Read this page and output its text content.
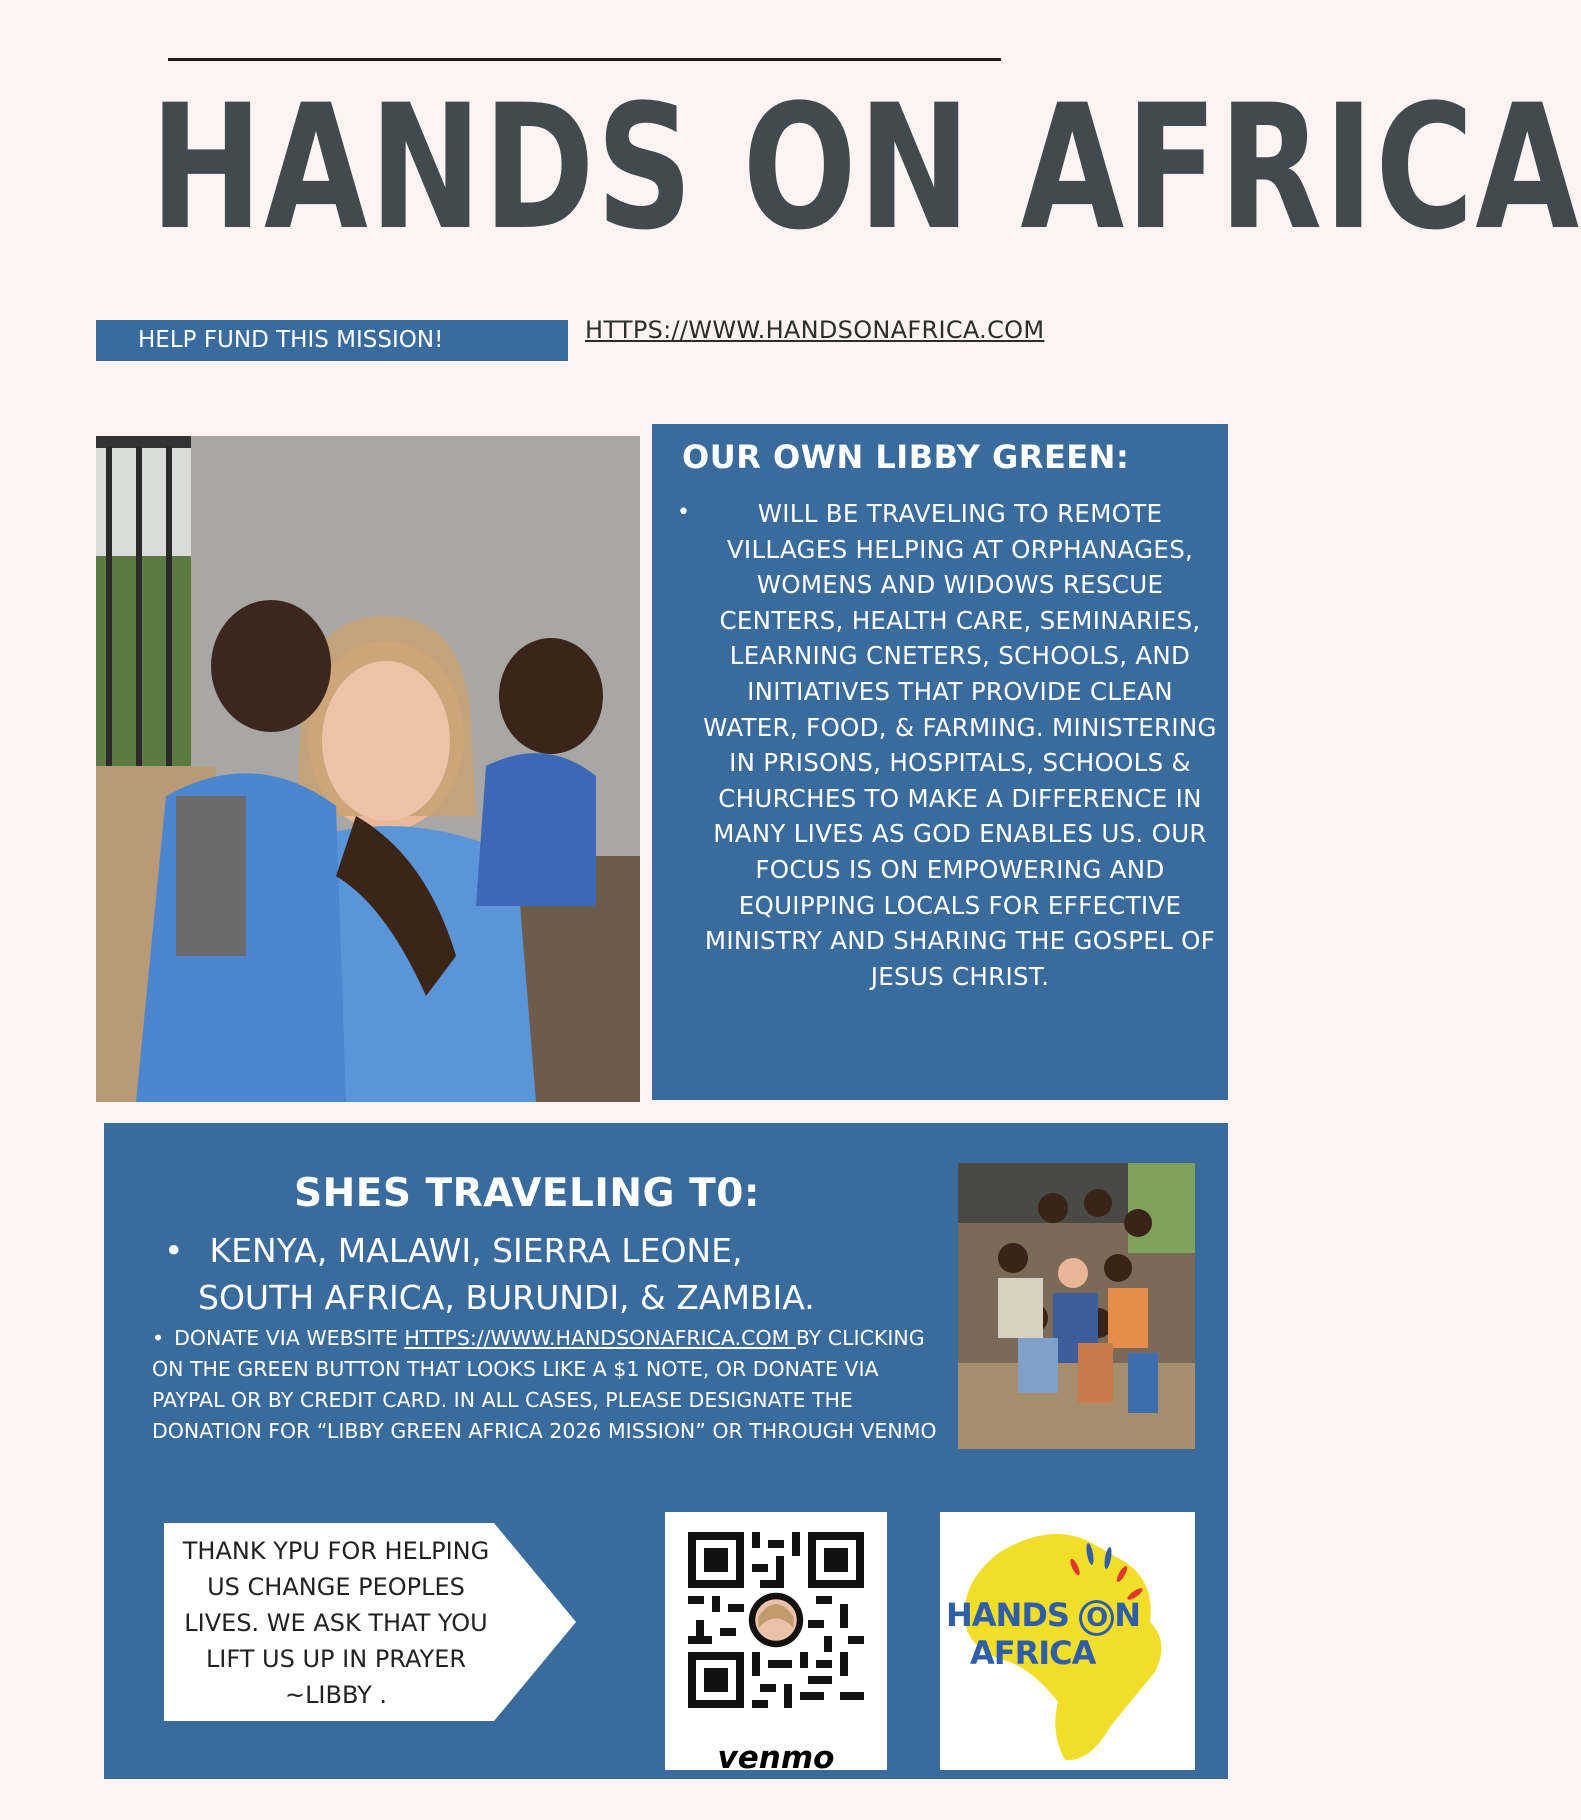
HANDS ON AFRICA
HELP FUND THIS MISSION!	HTTPS://WWW.HANDSONAFRICA.COM
OUR OWN LIBBY GREEN:
•	WILL BE TRAVELING TO REMOTE VILLAGES HELPING AT ORPHANAGES, WOMENS AND WIDOWS RESCUE CENTERS, HEALTH CARE, SEMINARIES, LEARNING CNETERS, SCHOOLS, AND INITIATIVES THAT PROVIDE CLEAN WATER, FOOD, & FARMING. MINISTERING IN PRISONS, HOSPITALS, SCHOOLS & CHURCHES TO MAKE A DIFFERENCE IN MANY LIVES AS GOD ENABLES US. OUR FOCUS IS ON EMPOWERING AND EQUIPPING LOCALS FOR EFFECTIVE MINISTRY AND SHARING THE GOSPEL OF JESUS CHRIST.
SHES TRAVELING T0:
• KENYA, MALAWI, SIERRA LEONE,
SOUTH AFRICA, BURUNDI, & ZAMBIA.
• DONATE VIA WEBSITE HTTPS://WWW.HANDSONAFRICA.COM BY CLICKING ON THE GREEN BUTTON THAT LOOKS LIKE A $1 NOTE, OR DONATE VIA PAYPAL OR BY CREDIT CARD. IN ALL CASES, PLEASE DESIGNATE THE DONATION FOR “LIBBY GREEN AFRICA 2026 MISSION” OR THROUGH VENMO
THANK YPU FOR HELPING US CHANGE PEOPLES LIVES. WE ASK THAT YOU LIFT US UP IN PRAYER ~LIBBY .
venmo
HANDS O N
AFRICA
